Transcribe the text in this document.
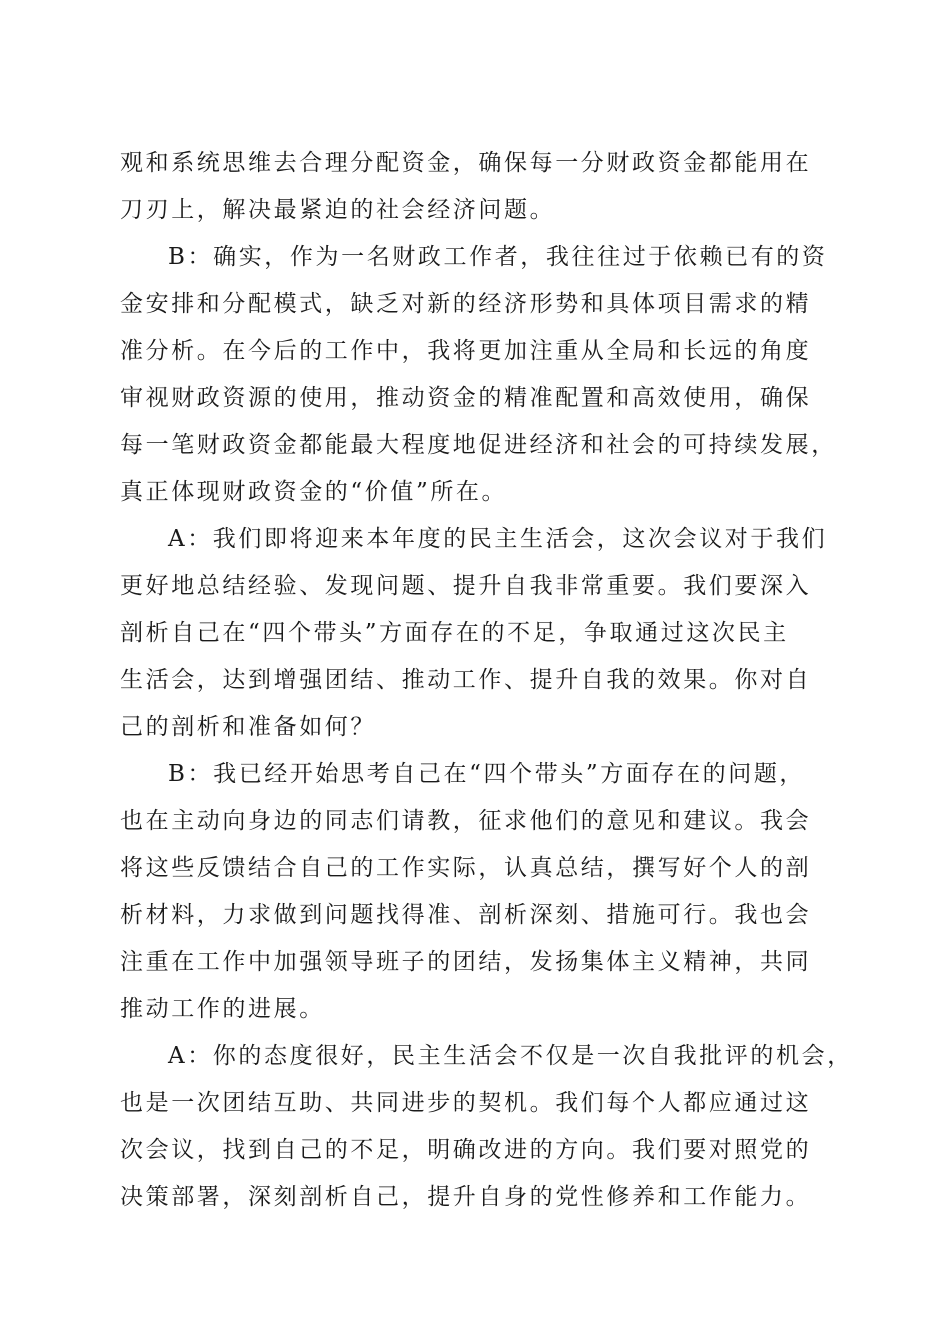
观和系统思维去合理分配资金，确保每一分财政资金都能用在
刀刃上，解决最紧迫的社会经济问题。
B：确实，作为一名财政工作者，我往往过于依赖已有的资
金安排和分配模式，缺乏对新的经济形势和具体项目需求的精
准分析。在今后的工作中，我将更加注重从全局和长远的角度
审视财政资源的使用，推动资金的精准配置和高效使用，确保
每一笔财政资金都能最大程度地促进经济和社会的可持续发展，
真正体现财政资金的“价值”所在。
A：我们即将迎来本年度的民主生活会，这次会议对于我们
更好地总结经验、发现问题、提升自我非常重要。我们要深入
剖析自己在“四个带头”方面存在的不足，争取通过这次民主
生活会，达到增强团结、推动工作、提升自我的效果。你对自
己的剖析和准备如何？
B：我已经开始思考自己在“四个带头”方面存在的问题，
也在主动向身边的同志们请教，征求他们的意见和建议。我会
将这些反馈结合自己的工作实际，认真总结，撰写好个人的剖
析材料，力求做到问题找得准、剖析深刻、措施可行。我也会
注重在工作中加强领导班子的团结，发扬集体主义精神，共同
推动工作的进展。
A：你的态度很好，民主生活会不仅是一次自我批评的机会，
也是一次团结互助、共同进步的契机。我们每个人都应通过这
次会议，找到自己的不足，明确改进的方向。我们要对照党的
决策部署，深刻剖析自己，提升自身的党性修养和工作能力。
